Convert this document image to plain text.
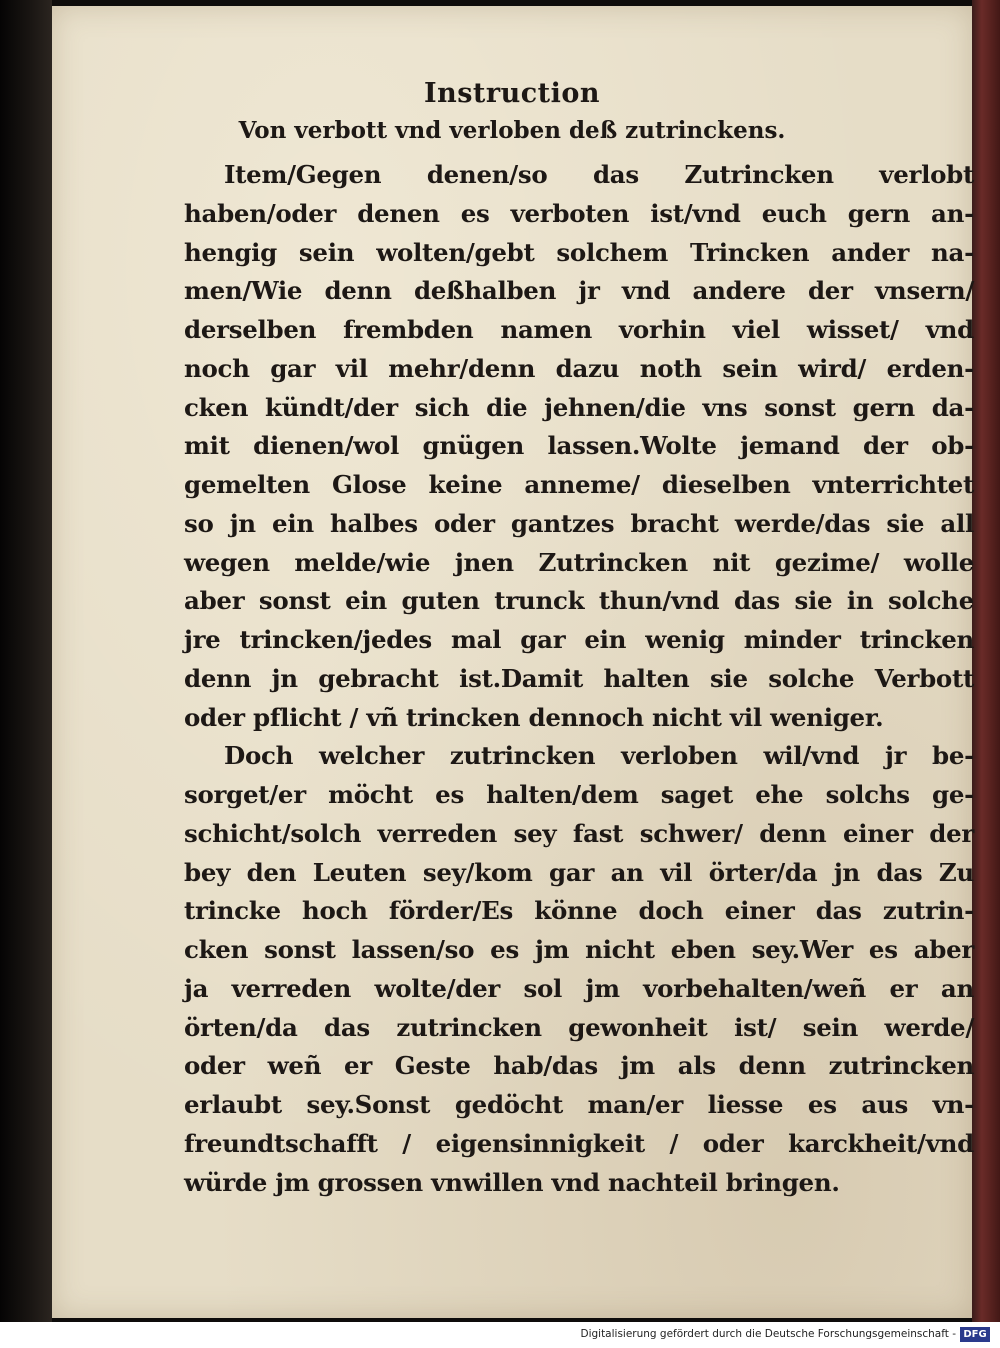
Instruction
Von verbott vnd verloben deß zutrinckens.
Item/Gegen denen/so das Zutrincken verlobt
haben/oder denen es verboten ist/vnd euch gern an-
hengig sein wolten/gebt solchem Trincken ander na-
men/Wie denn deßhalben jr vnd andere der vnsern/
derselben frembden namen vorhin viel wisset/ vnd
noch gar vil mehr/denn dazu noth sein wird/ erden-
cken kündt/der sich die jehnen/die vns sonst gern da-
mit dienen/wol gnügen lassen.Wolte jemand der ob-
gemelten Glose keine anneme/ dieselben vnterrichtet
so jn ein halbes oder gantzes bracht werde/das sie all
wegen melde/wie jnen Zutrincken nit gezime/ wolle
aber sonst ein guten trunck thun/vnd das sie in solche
jre trincken/jedes mal gar ein wenig minder trincken
denn jn gebracht ist.Damit halten sie solche Verbott
oder pflicht / vñ trincken dennoch nicht vil weniger.
Doch welcher zutrincken verloben wil/vnd jr be-
sorget/er möcht es halten/dem saget ehe solchs ge-
schicht/solch verreden sey fast schwer/ denn einer der
bey den Leuten sey/kom gar an vil örter/da jn das Zu
trincke hoch förder/Es könne doch einer das zutrin-
cken sonst lassen/so es jm nicht eben sey.Wer es aber
ja verreden wolte/der sol jm vorbehalten/weñ er an
örten/da das zutrincken gewonheit ist/ sein werde/
oder weñ er Geste hab/das jm als denn zutrincken
erlaubt sey.Sonst gedöcht man/er liesse es aus vn-
freundtschafft / eigensinnigkeit / oder karckheit/vnd
würde jm grossen vnwillen vnd nachteil bringen.
Digitalisierung gefördert durch die Deutsche Forschungsgemeinschaft - DFG
